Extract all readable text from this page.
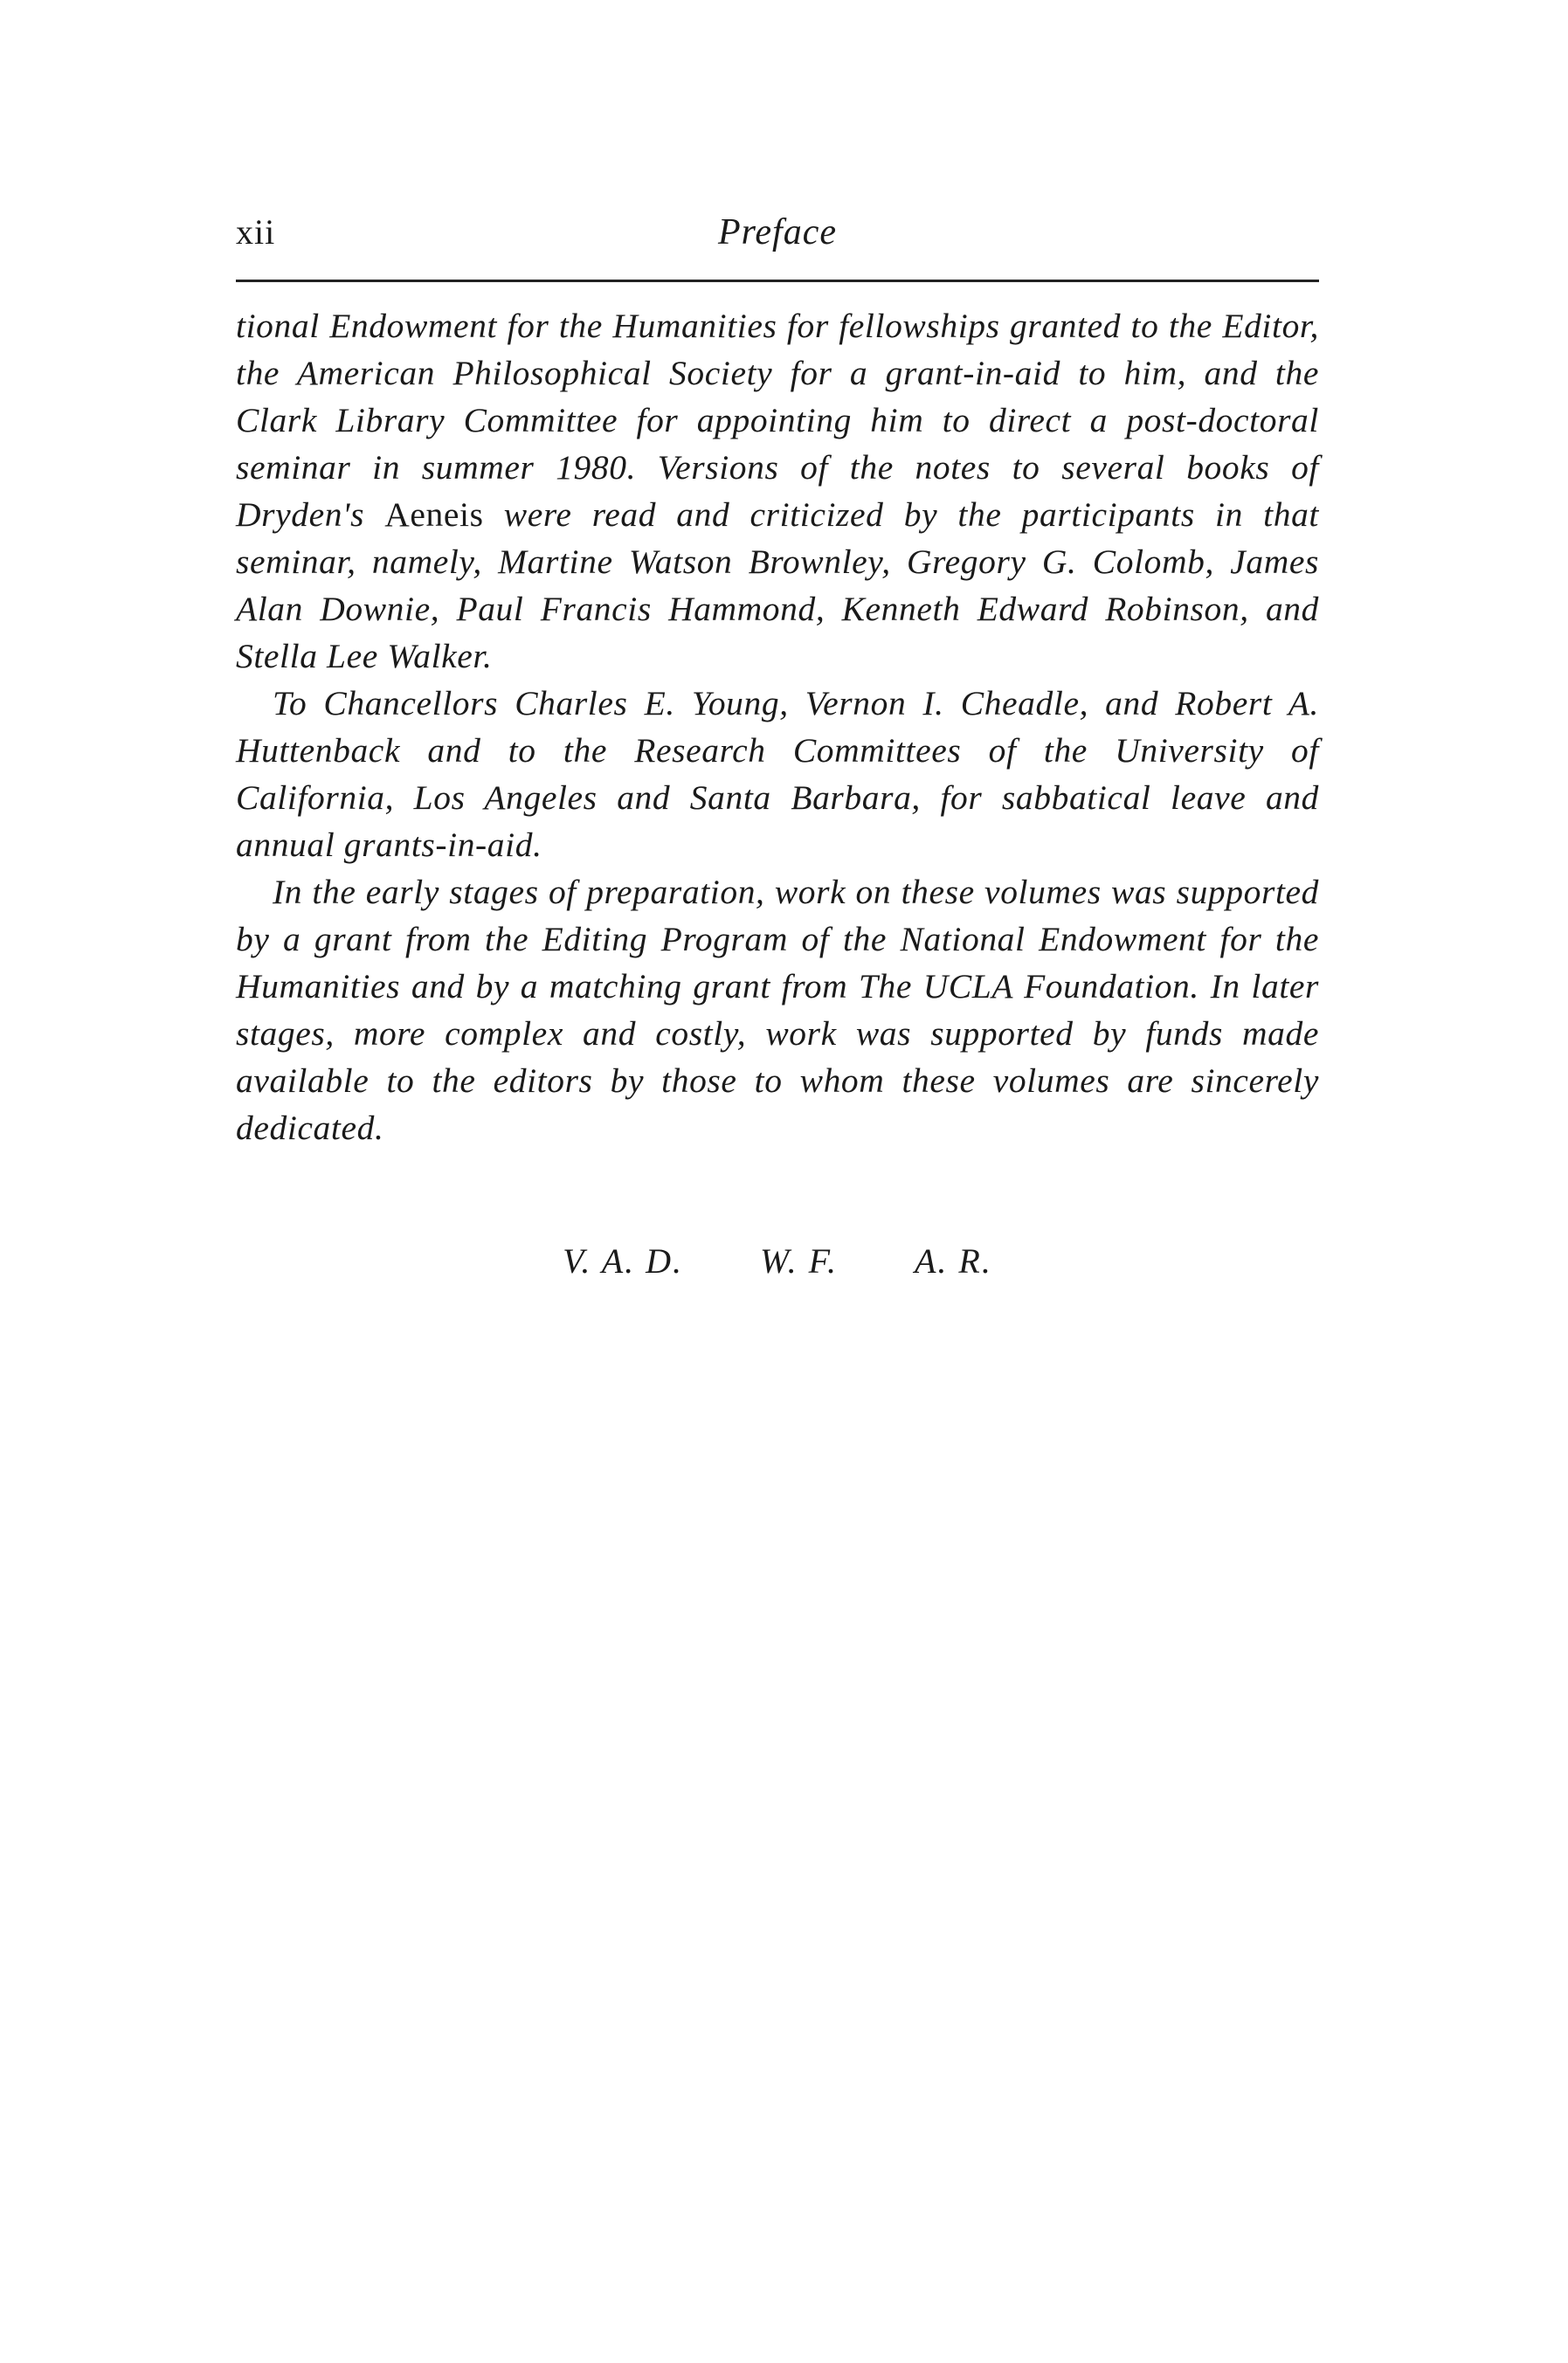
xii	Preface

tional Endowment for the Humanities for fellowships granted to the Editor, the American Philosophical Society for a grant-in-aid to him, and the Clark Library Committee for appointing him to direct a post-doctoral seminar in summer 1980. Versions of the notes to several books of Dryden's Aeneis were read and criticized by the participants in that seminar, namely, Martine Watson Brownley, Gregory G. Colomb, James Alan Downie, Paul Francis Hammond, Kenneth Edward Robinson, and Stella Lee Walker.

To Chancellors Charles E. Young, Vernon I. Cheadle, and Robert A. Huttenback and to the Research Committees of the University of California, Los Angeles and Santa Barbara, for sabbatical leave and annual grants-in-aid.

In the early stages of preparation, work on these volumes was supported by a grant from the Editing Program of the National Endowment for the Humanities and by a matching grant from The UCLA Foundation. In later stages, more complex and costly, work was supported by funds made available to the editors by those to whom these volumes are sincerely dedicated.

V. A. D. W. F. A. R.
